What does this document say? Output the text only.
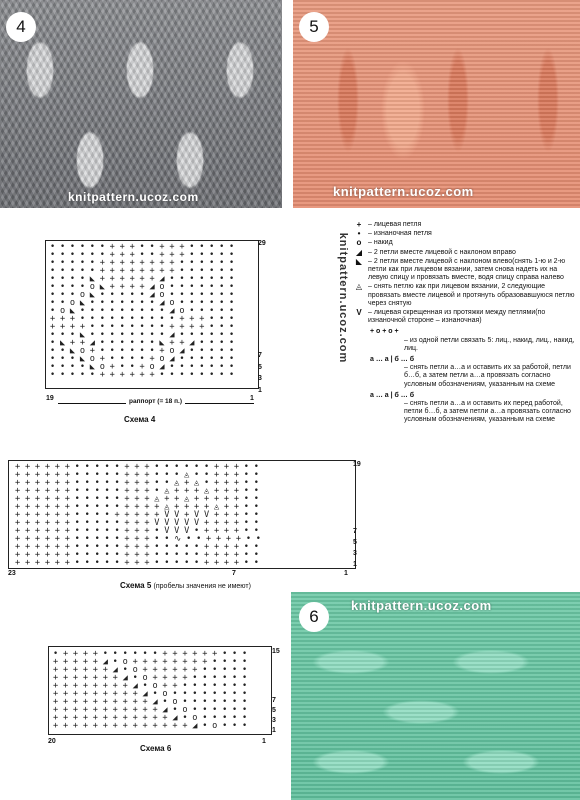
4
knitpattern.ucoz.com
5
knitpattern.ucoz.com
knitpattern.ucoz.com
• • • • • • + + + • • + + + • • • • •
• • • • • • + + + • • + + + • • • • •
• • • • • + + + + + + + + • • • • • •
• • • • • + + + + + + + + • • • • • •
• • • • ◣ + + + + + + ◢ • • • • • • •
• • • • o ◣ + + + + ◢ o • • • • • • •
• • • o ◣ • • • • • ◢ o • • • • • • •
• • o ◣ • • • • • • • ◢ o • • • • • •
• o ◣ • • • • • • • • • ◢ o • • • • •
+ + + • • • • • • • • • • + + + • • •
+ + + + • • • • • • • • + + + + • • •
• • • ◣ • • • • • • • • ◢ • • • • • •
• ◣ + + ◢ • • • • • • ◣ + + ◢ • • • •
• • ◣ o + • • • • • • + o ◢ • • • • •
• • • ◣ o + • • • • + o ◢ • • • • • •
• • • • ◣ o + • • + o ◢ • • • • • • •
• • • • • + + + + + + • • • • • • • •
29
7
5
3
1
19	1
раппорт (= 18 п.)
Схема 4
+ – лицевая петля
•	– изнаночная петля
o – накид
◢ – 2 петли вместе лицевой с наклоном вправо
◣ – 2 петли вместе лицевой с наклоном влево(снять 1-ю и 2-ю петли как при лицевом вязании, затем снова надеть их на левую спицу и провязать вместе, водя спицу справа налево
◬ – снять петлю как при лицевом вязании, 2 следующие провязать вместе лицевой и протянуть образовавшуюся петлю через снятую
V – лицевая скрещенная из протяжки между петлями(по изнаночной стороне – изнаночная)
+ o + o +
– из одной петли связать 5: лиц., накид, лиц., накид, лиц.
а … а | б … б
– снять петли а…а и оставить их за работой, петли б…б, а затем петли а…а провязать согласно условным обозначениям, указанным на схеме
а … а | б … б
– снять петли а…а и оставить их перед работой, петли б…б, а затем петли а…а провязать согласно условным обозначениям, указанным на схеме
+ + + + + + • • • • • + + + • • • • • • + + + • •
+ + + + + + • • • • • + + + • • • ◬ • • + + + • •
+ + + + + + • • • • • + + + • • ◬ + ◬ • + + + • •
+ + + + + + • • • • • + + + • ◬ + + + ◬ + + + • •
+ + + + + + • • • • • + + + ◬ + + ◬ + + + + + • •
+ + + + + + • • • • • + + + + ◬ + + + + ◬ + + • •
+ + + + + + • • • • + + + + + V V + V V + + + • •
+ + + + + + • • • • • + + + V V V V V + + + + • •
+ + + + + + • • • • • + + + • V V V • + + + + • •
+ + + + + + • • • • • + + + • • ∿ • • + + + + • •
+ + + + + + • • • • • + + + • • • • • + + + + • •
+ + + + + + • • • • • + + + • • • • • + + + + • •
+ + + + + + • • • • • + + + • • • • • + + + + • •
19
7
5
3
1
23	7	1
Схема 5 (пробелы значения не имеют)
6
knitpattern.ucoz.com
• + + + + • • • • • • + + + + + + • • •
+ + + + + ◢ • o + + + + + + + + • • • •
+ + + + + + ◢ • o + + + + + + • • • • •
+ + + + + + + ◢ • o + + + + • • • • • •
+ + + + + + + + ◢ • o + + • • • • • • •
+ + + + + + + + + ◢ • o • • • • • • • •
+ + + + + + + + + + ◢ • o • • • • • • •
+ + + + + + + + + + + ◢ • o • • • • • •
+ + + + + + + + + + + + ◢ • o • • • • •
+ + + + + + + + + + + + + + ◢ • o • • •
15
7
5
3
1
20	1
Схема 6
